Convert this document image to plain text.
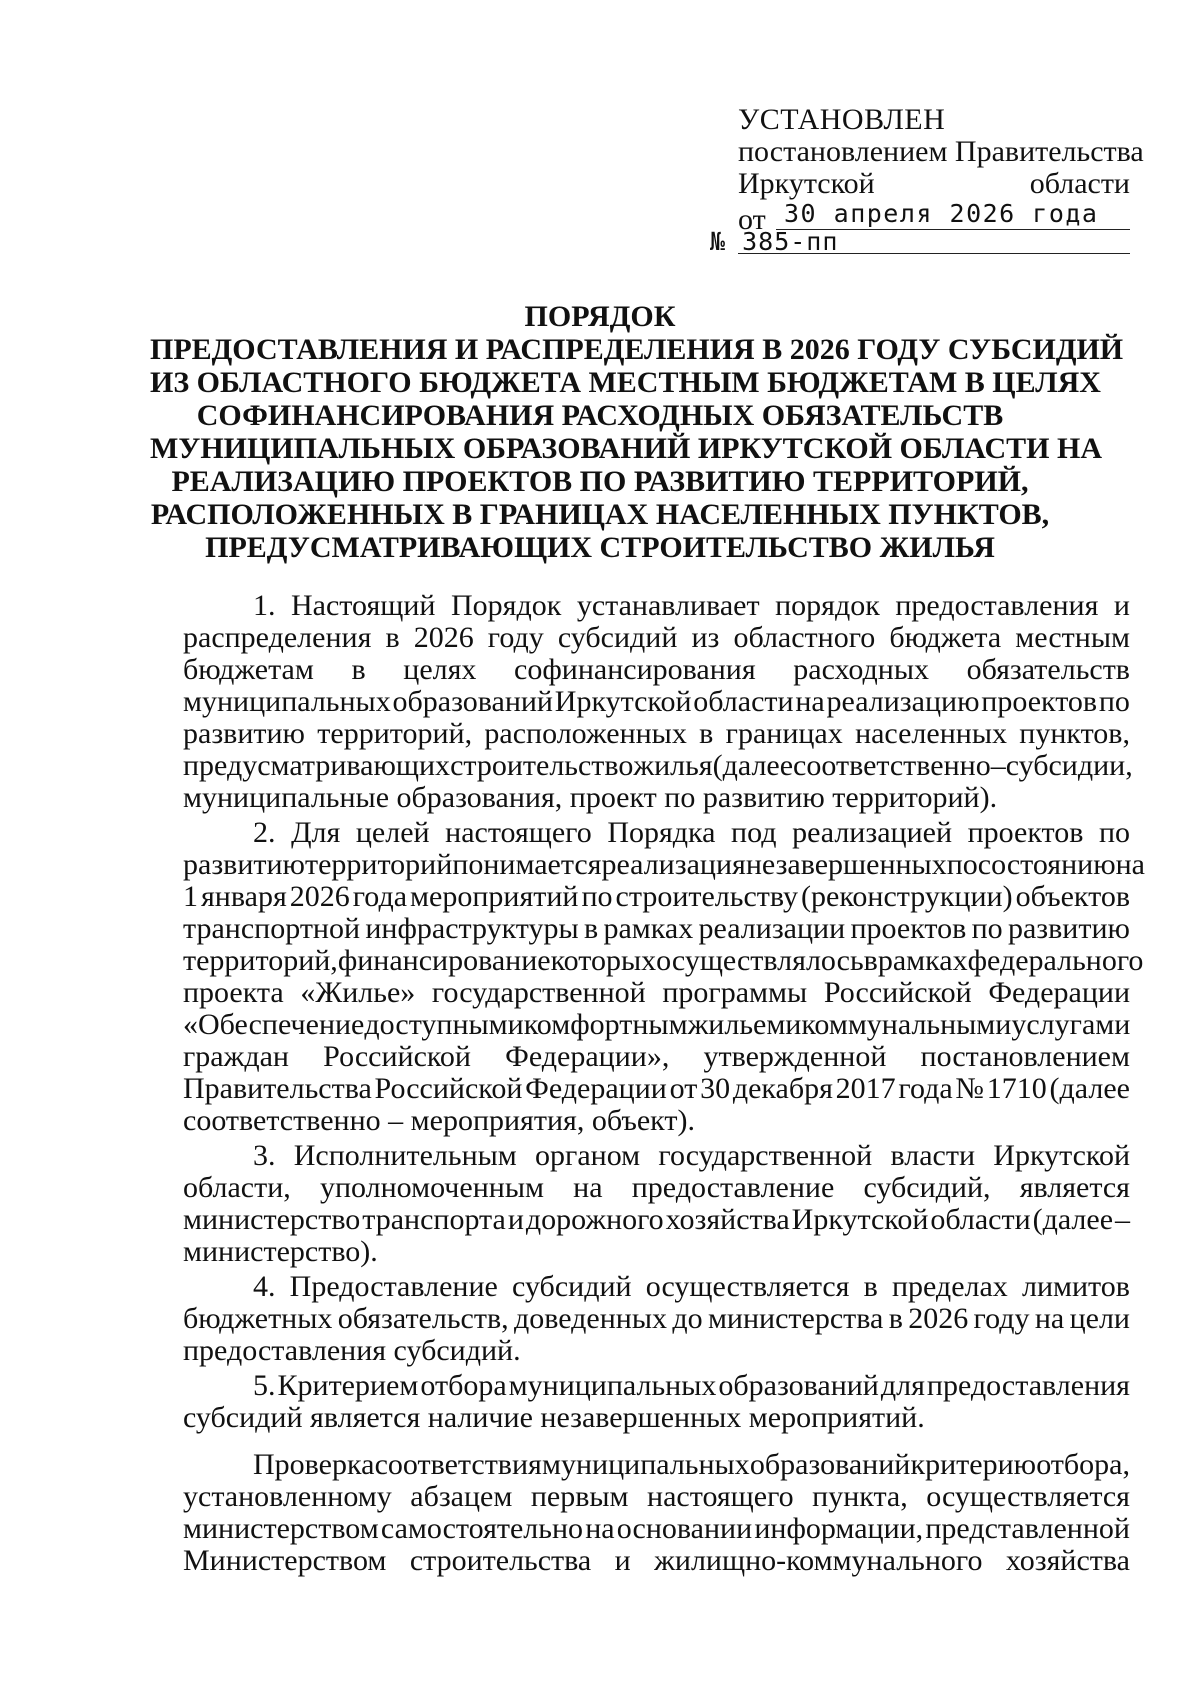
УСТАНОВЛЕН
постановлением Правительства
Иркутской	области
от 30 апреля 2026 года
№ 385-пп
ПОРЯДОК
ПРЕДОСТАВЛЕНИЯ И РАСПРЕДЕЛЕНИЯ В 2026 ГОДУ СУБСИДИЙ
ИЗ ОБЛАСТНОГО БЮДЖЕТА МЕСТНЫМ БЮДЖЕТАМ В ЦЕЛЯХ
СОФИНАНСИРОВАНИЯ РАСХОДНЫХ ОБЯЗАТЕЛЬСТВ
МУНИЦИПАЛЬНЫХ ОБРАЗОВАНИЙ ИРКУТСКОЙ ОБЛАСТИ НА
РЕАЛИЗАЦИЮ ПРОЕКТОВ ПО РАЗВИТИЮ ТЕРРИТОРИЙ,
РАСПОЛОЖЕННЫХ В ГРАНИЦАХ НАСЕЛЕННЫХ ПУНКТОВ,
ПРЕДУСМАТРИВАЮЩИХ СТРОИТЕЛЬСТВО ЖИЛЬЯ
1. Настоящий Порядок устанавливает порядок предоставления и
распределения в 2026 году субсидий из областного бюджета местным
бюджетам в целях софинансирования расходных обязательств
муниципальных образований Иркутской области на реализацию проектов по
развитию территорий, расположенных в границах населенных пунктов,
предусматривающих строительство жилья (далее соответственно – субсидии,
муниципальные образования, проект по развитию территорий).
2. Для целей настоящего Порядка под реализацией проектов по
развитию территорий понимается реализация незавершенных по состоянию на
1 января 2026 года мероприятий по строительству (реконструкции) объектов
транспортной инфраструктуры в рамках реализации проектов по развитию
территорий, финансирование которых осуществлялось в рамках федерального
проекта «Жилье» государственной программы Российской Федерации
«Обеспечение доступным и комфортным жильем и коммунальными услугами
граждан Российской Федерации», утвержденной постановлением
Правительства Российской Федерации от 30 декабря 2017 года № 1710 (далее
соответственно – мероприятия, объект).
3. Исполнительным органом государственной власти Иркутской
области, уполномоченным на предоставление субсидий, является
министерство транспорта и дорожного хозяйства Иркутской области (далее –
министерство).
4. Предоставление субсидий осуществляется в пределах лимитов
бюджетных обязательств, доведенных до министерства в 2026 году на цели
предоставления субсидий.
5. Критерием отбора муниципальных образований для предоставления
субсидий является наличие незавершенных мероприятий.
Проверка соответствия муниципальных образований критерию отбора,
установленному абзацем первым настоящего пункта, осуществляется
министерством самостоятельно на основании информации, представленной
Министерством строительства и жилищно-коммунального хозяйства
